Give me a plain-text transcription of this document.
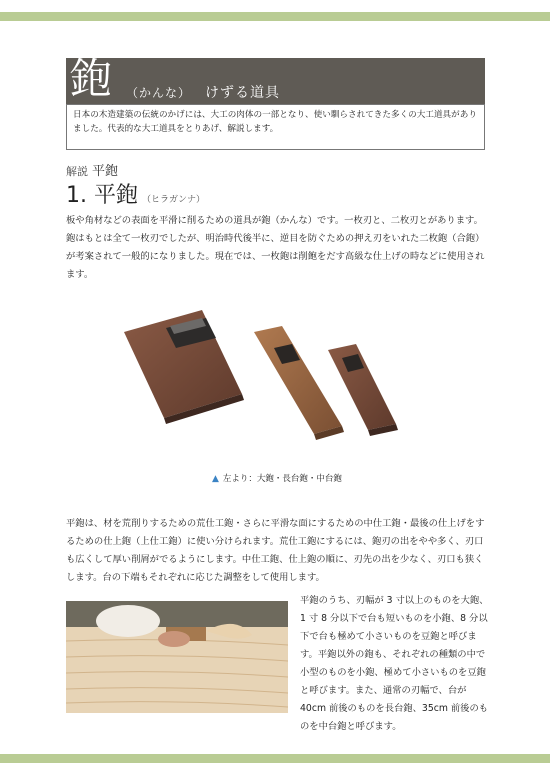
鉋 （かんな） けずる道具
日本の木造建築の伝統のかげには、大工の肉体の一部となり、使い馴らされてきた多くの大工道具がありました。代表的な大工道具をとりあげ、解説します。
解説 平鉋
1. 平鉋 （ヒラガンナ）
板や角材などの表面を平滑に削るための道具が鉋（かんな）です。一枚刃と、二枚刃とがあります。鉋はもとは全て一枚刃でしたが、明治時代後半に、逆目を防ぐための押え刃をいれた二枚鉋（合鉋）が考案されて一般的になりました。現在では、一枚鉋は削飽をだす高級な仕上げの時などに使用されます。
▲ 左より：大鉋・長台鉋・中台鉋
平鉋は、材を荒削りするための荒仕工鉋・さらに平滑な面にするための中仕工鉋・最後の仕上げをするための仕上鉋（上仕工鉋）に使い分けられます。荒仕工鉋にするには、鉋刃の出をやや多く、刃口も広くして厚い削屑がでるようにします。中仕工鉋、仕上鉋の順に、刃先の出を少なく、刃口も狭くします。台の下端もそれぞれに応じた調整をして使用します。
平鉋のうち、刃幅が 3 寸以上のものを大鉋、1 寸 8 分以下で台も短いものを小鉋、8 分以下で台も極めて小さいものを豆鉋と呼びます。平鉋以外の鉋も、それぞれの種類の中で小型のものを小鉋、極めて小さいものを豆鉋と呼びます。また、通常の刃幅で、台が 40cm 前後のものを長台鉋、35cm 前後のものを中台鉋と呼びます。
